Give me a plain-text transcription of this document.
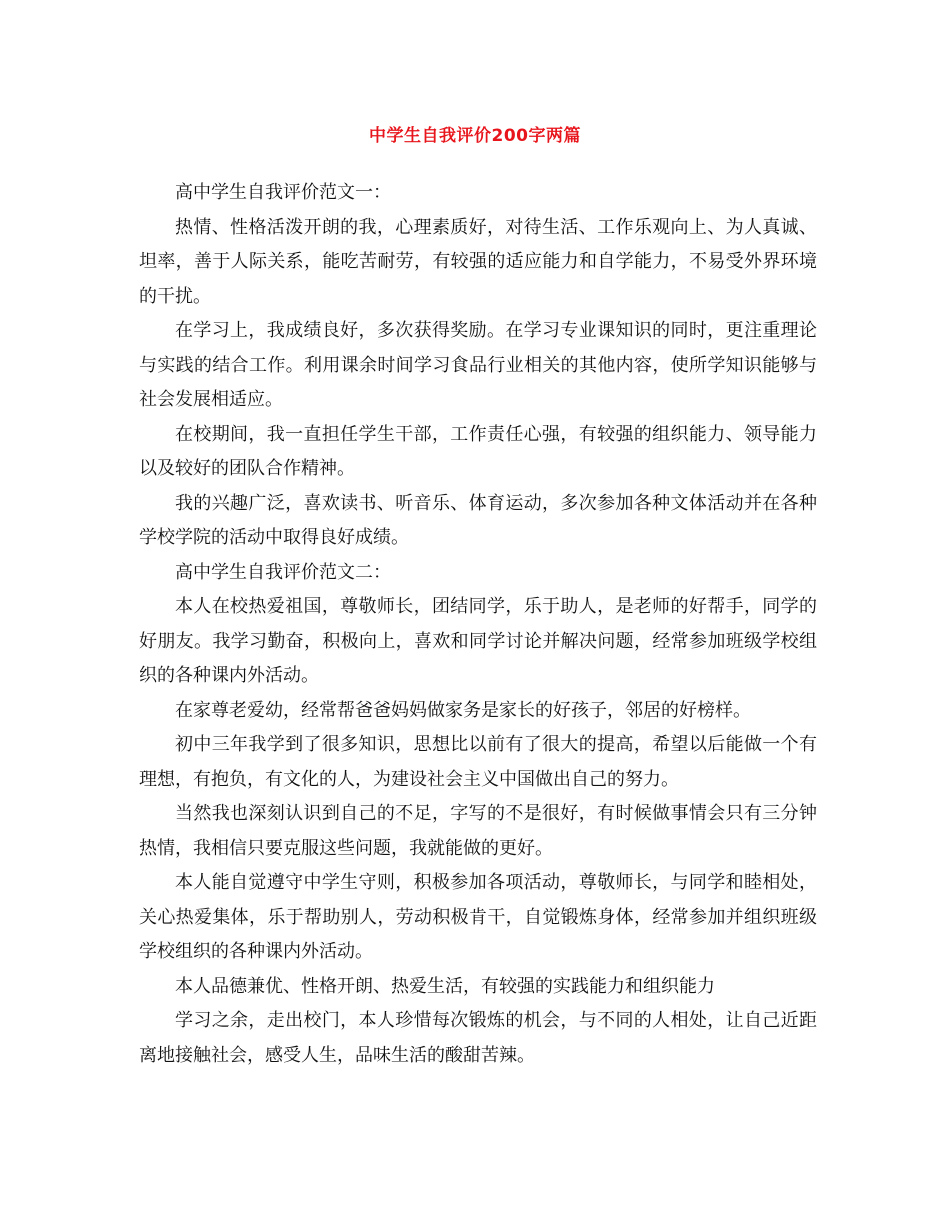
中学生自我评价200字两篇

高中学生自我评价范文一：

热情、性格活泼开朗的我，心理素质好，对待生活、工作乐观向上、为人真诚、坦率，善于人际关系，能吃苦耐劳，有较强的适应能力和自学能力，不易受外界环境的干扰。

在学习上，我成绩良好，多次获得奖励。在学习专业课知识的同时，更注重理论与实践的结合工作。利用课余时间学习食品行业相关的其他内容，使所学知识能够与社会发展相适应。

在校期间，我一直担任学生干部，工作责任心强，有较强的组织能力、领导能力以及较好的团队合作精神。

我的兴趣广泛，喜欢读书、听音乐、体育运动，多次参加各种文体活动并在各种学校学院的活动中取得良好成绩。

高中学生自我评价范文二：

本人在校热爱祖国，尊敬师长，团结同学，乐于助人，是老师的好帮手，同学的好朋友。我学习勤奋，积极向上，喜欢和同学讨论并解决问题，经常参加班级学校组织的各种课内外活动。

在家尊老爱幼，经常帮爸爸妈妈做家务是家长的好孩子，邻居的好榜样。

初中三年我学到了很多知识，思想比以前有了很大的提高，希望以后能做一个有理想，有抱负，有文化的人，为建设社会主义中国做出自己的努力。

当然我也深刻认识到自己的不足，字写的不是很好，有时候做事情会只有三分钟热情，我相信只要克服这些问题，我就能做的更好。

本人能自觉遵守中学生守则，积极参加各项活动，尊敬师长，与同学和睦相处，关心热爱集体，乐于帮助别人，劳动积极肯干，自觉锻炼身体，经常参加并组织班级学校组织的各种课内外活动。

本人品德兼优、性格开朗、热爱生活，有较强的实践能力和组织能力

学习之余，走出校门，本人珍惜每次锻炼的机会，与不同的人相处，让自己近距离地接触社会，感受人生，品味生活的酸甜苦辣。
